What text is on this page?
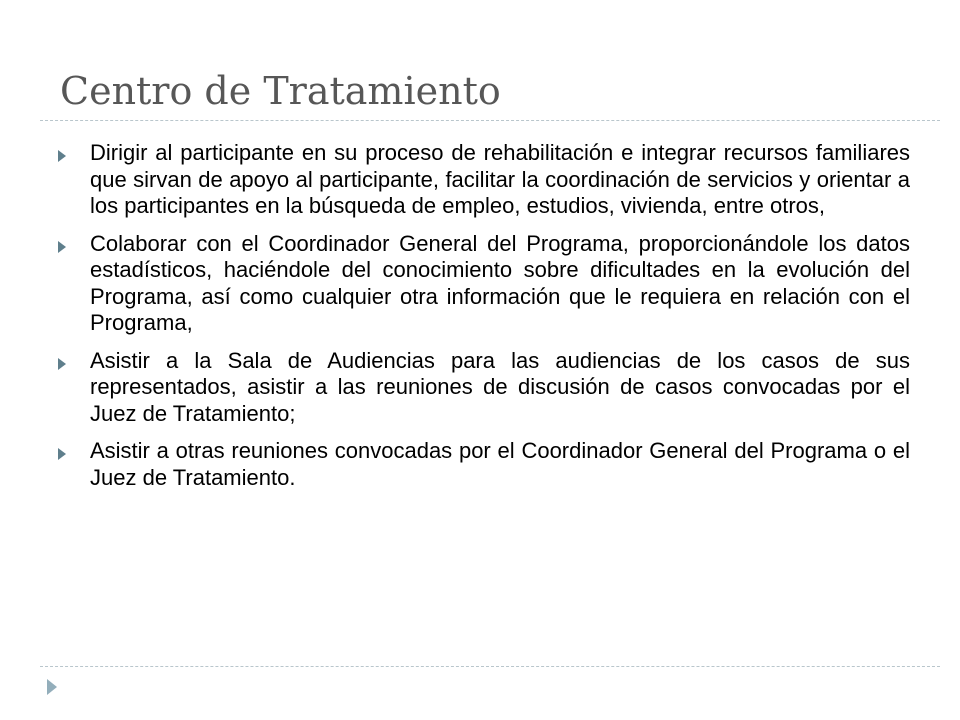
Centro de Tratamiento
Dirigir al participante en su proceso de rehabilitación e integrar recursos familiares que sirvan de apoyo al participante, facilitar la coordinación de servicios y orientar a los participantes en la búsqueda de empleo, estudios, vivienda, entre otros,
Colaborar con el Coordinador General del Programa, proporcionándole los datos estadísticos, haciéndole del conocimiento sobre dificultades en la evolución del Programa, así como cualquier otra información que le requiera en relación con el Programa,
Asistir a la Sala de Audiencias para las audiencias de los casos de sus representados, asistir a las reuniones de discusión de casos convocadas por el Juez de Tratamiento;
Asistir a otras reuniones convocadas por el Coordinador General del Programa o el Juez de Tratamiento.
